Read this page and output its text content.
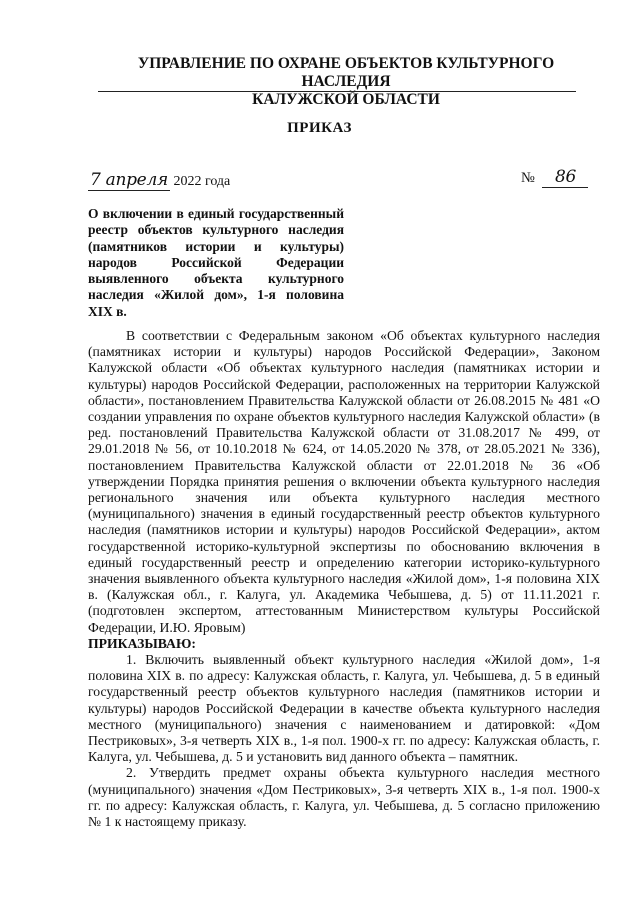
УПРАВЛЕНИЕ ПО ОХРАНЕ ОБЪЕКТОВ КУЛЬТУРНОГО НАСЛЕДИЯ
КАЛУЖСКОЙ ОБЛАСТИ
ПРИКАЗ
7 апреля 2022 года	№ 86
О включении в единый государственный реестр объектов культурного наследия (памятников истории и культуры) народов Российской Федерации выявленного объекта культурного наследия «Жилой дом», 1-я половина XIX в.

В соответствии с Федеральным законом «Об объектах культурного наследия (памятниках истории и культуры) народов Российской Федерации», Законом Калужской области «Об объектах культурного наследия (памятниках истории и культуры) народов Российской Федерации, расположенных на территории Калужской области», постановлением Правительства Калужской области от 26.08.2015 № 481 «О создании управления по охране объектов культурного наследия Калужской области» (в ред. постановлений Правительства Калужской области от 31.08.2017 № 499, от 29.01.2018 № 56, от 10.10.2018 № 624, от 14.05.2020 № 378, от 28.05.2021 № 336), постановлением Правительства Калужской области от 22.01.2018 № 36 «Об утверждении Порядка принятия решения о включении объекта культурного наследия регионального значения или объекта культурного наследия местного (муниципального) значения в единый государственный реестр объектов культурного наследия (памятников истории и культуры) народов Российской Федерации», актом государственной историко-культурной экспертизы по обоснованию включения в единый государственный реестр и определению категории историко-культурного значения выявленного объекта культурного наследия «Жилой дом», 1-я половина XIX в. (Калужская обл., г. Калуга, ул. Академика Чебышева, д. 5) от 11.11.2021 г. (подготовлен экспертом, аттестованным Министерством культуры Российской Федерации, И.Ю. Яровым)

ПРИКАЗЫВАЮ:

1. Включить выявленный объект культурного наследия «Жилой дом», 1-я половина XIX в. по адресу: Калужская область, г. Калуга, ул. Чебышева, д. 5 в единый государственный реестр объектов культурного наследия (памятников истории и культуры) народов Российской Федерации в качестве объекта культурного наследия местного (муниципального) значения с наименованием и датировкой: «Дом Пестриковых», 3-я четверть XIX в., 1-я пол. 1900-х гг. по адресу: Калужская область, г. Калуга, ул. Чебышева, д. 5 и установить вид данного объекта – памятник.

2. Утвердить предмет охраны объекта культурного наследия местного (муниципального) значения «Дом Пестриковых», 3-я четверть XIX в., 1-я пол. 1900-х гг. по адресу: Калужская область, г. Калуга, ул. Чебышева, д. 5 согласно приложению № 1 к настоящему приказу.
